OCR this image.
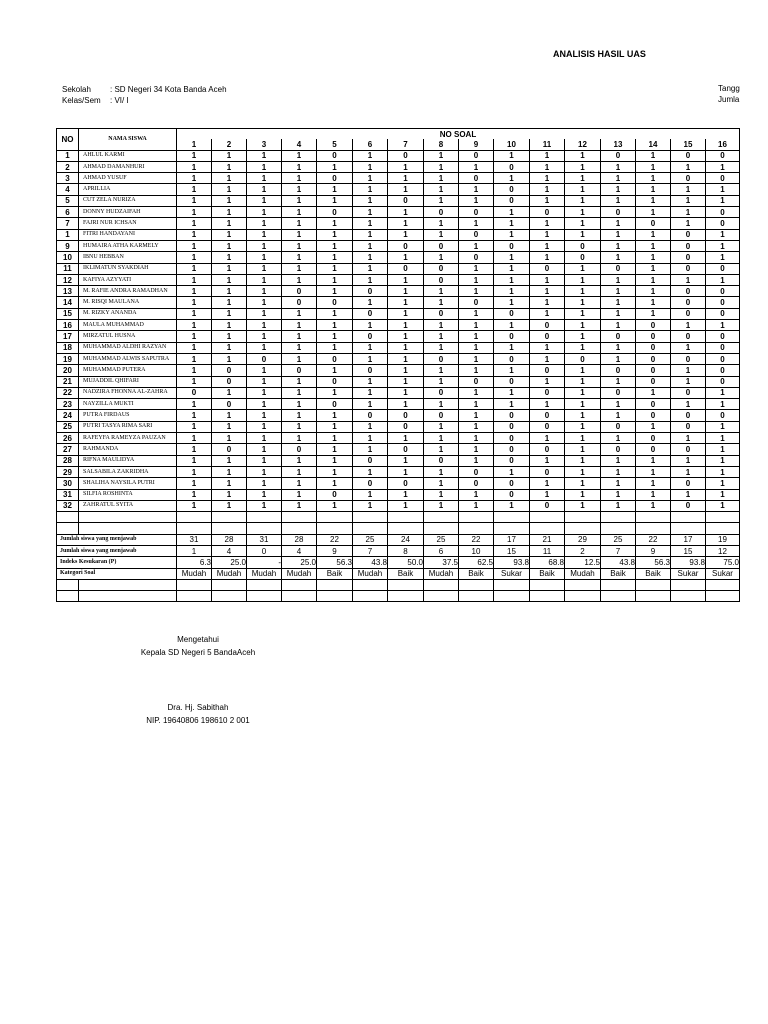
ANALISIS HASIL UAS
Sekolah : SD Negeri 34 Kota Banda Aceh
Kelas/Sem : VI/ I
Tangg
Jumla
NO	NAMA SISWA	NO SOAL															
		1	2	3	4	5	6	7	8	9	10	11	12	13	14	15	16
1	AHLUL KARMI	1	1	1	1	0	1	0	1	0	1	1	1	0	1	0	0
2	AHMAD DAMANHURI	1	1	1	1	1	1	1	1	1	0	1	1	1	1	1	1
3	AHMAD YUSUF	1	1	1	1	0	1	1	1	0	1	1	1	1	1	0	0
4	APRILLIA	1	1	1	1	1	1	1	1	1	0	1	1	1	1	1	1
5	CUT ZELA NURIZA	1	1	1	1	1	1	0	1	1	0	1	1	1	1	1	1
6	DONNY HUDZAIFAH	1	1	1	1	0	1	1	0	0	1	0	1	0	1	1	0
7	FAJRI NUR ICHSAN	1	1	1	1	1	1	1	1	1	1	1	1	1	0	1	0
1	FITRI HANDAYANI	1	1	1	1	1	1	1	1	0	1	1	1	1	1	0	1
9	HUMAIRA ATHA KARMELY	1	1	1	1	1	1	0	0	1	0	1	0	1	1	0	1
10	IBNU HEBBAN	1	1	1	1	1	1	1	1	0	1	1	0	1	1	0	1
11	IKLIMATUN SYAKDIAH	1	1	1	1	1	1	0	0	1	1	0	1	0	1	0	0
12	KAFIYA AZYYATI	1	1	1	1	1	1	1	0	1	1	1	1	1	1	1	1
13	M. RAFIE ANDRA RAMADHAN	1	1	1	0	1	0	1	1	1	1	1	1	1	1	0	0
14	M. RISQI MAULANA	1	1	1	0	0	1	1	1	0	1	1	1	1	1	0	0
15	M. RIZKY ANANDA	1	1	1	1	1	0	1	0	1	0	1	1	1	1	0	0
16	MAULA MUHAMMAD	1	1	1	1	1	1	1	1	1	1	0	1	1	0	1	1
17	MIRZATUL HUSNA	1	1	1	1	1	0	1	1	1	0	0	1	0	0	0	0
18	MUHAMMAD ALDHI RAZYAN	1	1	1	1	1	1	1	1	1	1	1	1	1	0	1	0
19	MUHAMMAD ALWIS SAPUTRA	1	1	0	1	0	1	1	0	1	0	1	0	1	0	0	0
20	MUHAMMAD PUTERA	1	0	1	0	1	0	1	1	1	1	0	1	0	0	1	0
21	MUJADDIL QHIFARI	1	0	1	1	0	1	1	1	0	0	1	1	1	0	1	0
22	NADZIRA FHONNA AL-ZAHRA	0	1	1	1	1	1	1	0	1	1	0	1	0	1	0	1
23	NAYZILLA MUKTI	1	0	1	1	0	1	1	1	1	1	1	1	1	0	1	1
24	PUTRA FIRDAUS	1	1	1	1	1	0	0	0	1	0	0	1	1	0	0	0
25	PUTRI TASYA RIMA SARI	1	1	1	1	1	1	0	1	1	0	0	1	0	1	0	1
26	RAFEYFA RAMEYZA PAUZAN	1	1	1	1	1	1	1	1	1	0	1	1	1	0	1	1
27	RAHMANDA	1	0	1	0	1	1	0	1	1	0	0	1	0	0	0	1
28	RIFNA MAULIDYA	1	1	1	1	1	0	1	0	1	0	1	1	1	1	1	1
29	SALSABILA ZAKRIDHA	1	1	1	1	1	1	1	1	0	1	0	1	1	1	1	1
30	SHALIHA NAYSILA PUTRI	1	1	1	1	1	0	0	1	0	0	1	1	1	1	0	1
31	SILFIA ROSHINTA	1	1	1	1	0	1	1	1	1	0	1	1	1	1	1	1
32	ZAHRATUL SYITA	1	1	1	1	1	1	1	1	1	1	0	1	1	1	0	1

Jumlah siswa yang menjawab		31	28	31	28	22	25	24	25	22	17	21	29	25	22	17	19
Jumlah siswa yang menjawab		1	4	0	4	9	7	8	6	10	15	11	2	7	9	15	12
Indeks Kesukaran (P)		6.3	25.0	-	25.0	56.3	43.8	50.0	37.5	62.5	93.8	68.8	12.5	43.8	56.3	93.8	75.0
Kategori Soal		Mudah	Mudah	Mudah	Mudah	Baik	Mudah	Baik	Mudah	Baik	Sukar	Baik	Mudah	Baik	Baik	Sukar	Sukar

Mengetahui
Kepala SD Negeri 5 BandaAceh
Dra. Hj. Sabithah
NIP. 19640806 198610 2 001
